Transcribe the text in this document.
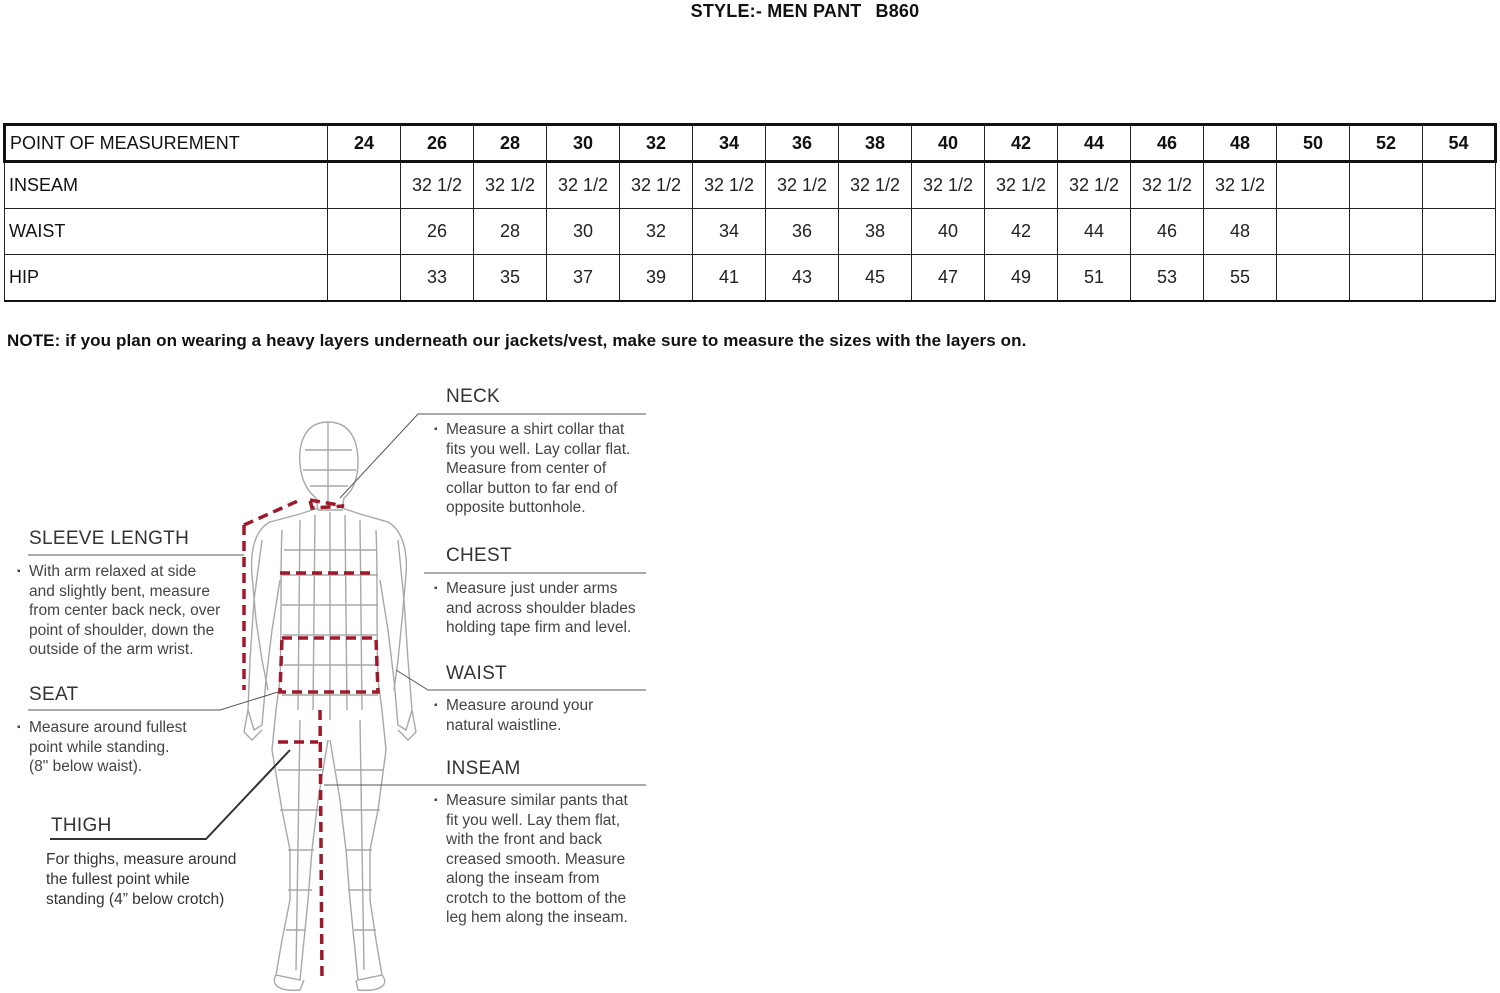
STYLE:- MEN PANT B860
POINT OF MEASUREMENT	24	26	28	30	32	34	36	38	40	42	44	46	48	50	52	54
INSEAM		32 1/2	32 1/2	32 1/2	32 1/2	32 1/2	32 1/2	32 1/2	32 1/2	32 1/2	32 1/2	32 1/2	32 1/2			
WAIST		26	28	30	32	34	36	38	40	42	44	46	48			
HIP		33	35	37	39	41	43	45	47	49	51	53	55			
NOTE: if you plan on wearing a heavy layers underneath our jackets/vest, make sure to measure the sizes with the layers on.
NECK
▪ Measure a shirt collar that
fits you well. Lay collar flat.
Measure from center of
collar button to far end of
opposite buttonhole.
CHEST
▪ Measure just under arms
and across shoulder blades
holding tape firm and level.
WAIST
▪ Measure around your
natural waistline.
INSEAM
▪ Measure similar pants that
fit you well. Lay them flat,
with the front and back
creased smooth. Measure
along the inseam from
crotch to the bottom of the
leg hem along the inseam.
SLEEVE LENGTH
▪ With arm relaxed at side
and slightly bent, measure
from center back neck, over
point of shoulder, down the
outside of the arm wrist.
SEAT
▪ Measure around fullest
point while standing.
(8" below waist).
THIGH
For thighs, measure around
the fullest point while
standing (4” below crotch)
